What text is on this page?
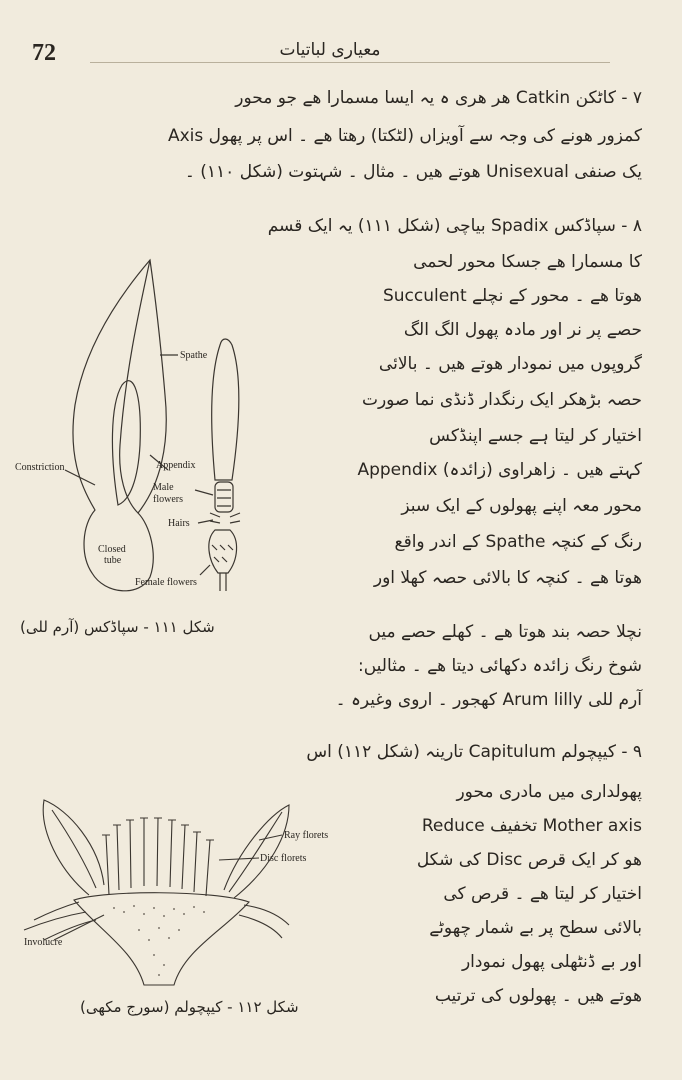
72	معیاری لباتیات
۷ - کاٹکن Catkin ھر ھری ہ یہ ایسا مسمارا ھے جو محور
Axis کمزور ھونے کی وجہ سے آویزاں (لٹکتا) رھتا ھے ۔ اس پر پھول
یک صنفی Unisexual ھوتے ھیں ۔ مثال ۔ شہتوت (شکل ۱۱۰) ۔
۸ - سپاڈکس Spadix بیاچی (شکل ۱۱۱) یہ ایک قسم
کا مسمارا ھے جسکا محور لحمی
Succulent ھوتا ھے ۔ محور کے نچلے
حصے پر نر اور مادہ پھول الگ الگ
گروپوں میں نمودار ھوتے ھیں ۔ بالائی
حصہ بڑھکر ایک رنگدار ڈنڈی نما صورت
اختیار کر لیتا ہے جسے اپنڈکس
Appendix (زائدہ) کہتے ھیں ۔ زاھراوی
محور معہ اپنے پھولوں کے ایک سبز
رنگ کے کنچہ Spathe کے اندر واقع
ھوتا ھے ۔ کنچہ کا بالائی حصہ کھلا اور
نچلا حصہ بند ھوتا ھے ۔ کھلے حصے میں
شوخ رنگ زائدہ دکھائی دیتا ھے ۔ مثالیں:
آرم للی Arum lilly کھجور ۔ اروی وغیرہ ۔
Spathe
Constriction	Appendix
Male
flowers
Hairs
Closed
tube
Female flowers
شکل ۱۱۱ - سپاڈکس (آرم للی)
۹ - کیپچولم Capitulum تارینہ (شکل ۱۱۲) اس
پھولداری میں مادری محور
Reduce تخفیف Mother axis
ھو کر ایک قرص Disc کی شکل
اختیار کر لیتا ھے ۔ قرص کی
بالائی سطح پر بے شمار چھوٹے
اور بے ڈنٹھلی پھول نمودار
ھوتے ھیں ۔ پھولوں کی ترتیب
Ray florets
Disc florets
Involucre
شکل ۱۱۲ - کیپچولم (سورج مکھی)
